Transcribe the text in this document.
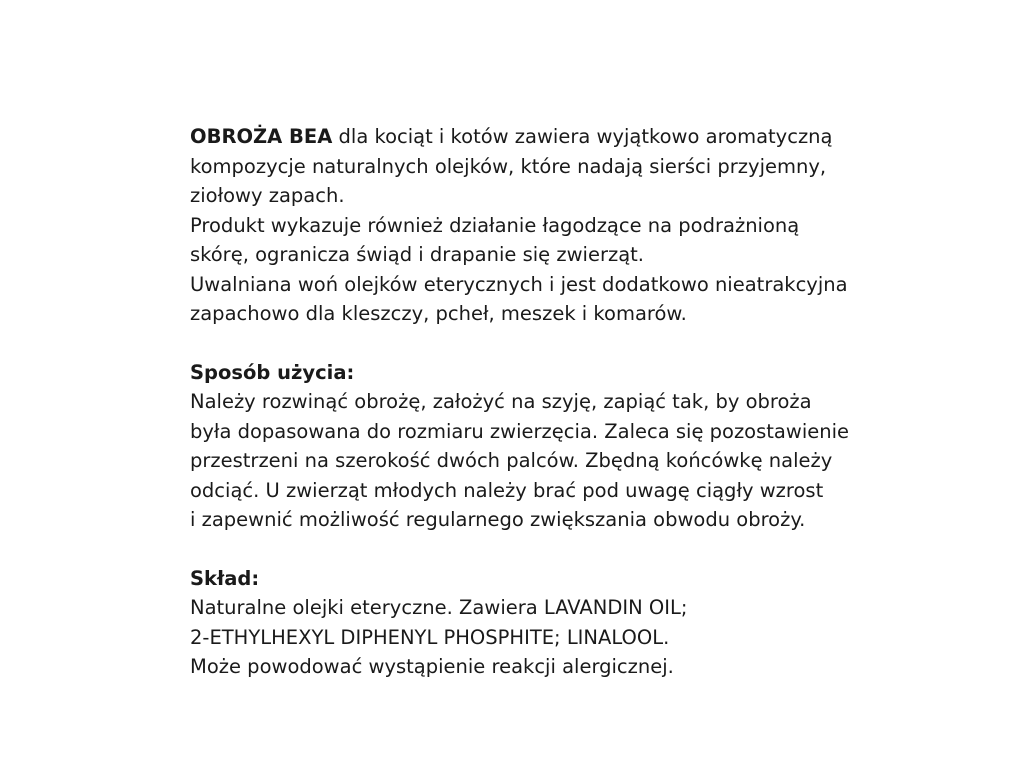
OBROŻA BEA dla kociąt i kotów zawiera wyjątkowo aromatyczną
kompozycje naturalnych olejków, które nadają sierści przyjemny,
ziołowy zapach.
Produkt wykazuje również działanie łagodzące na podrażnioną
skórę, ogranicza świąd i drapanie się zwierząt.
Uwalniana woń olejków eterycznych i jest dodatkowo nieatrakcyjna
zapachowo dla kleszczy, pcheł, meszek i komarów.
Sposób użycia:
Należy rozwinąć obrożę, założyć na szyję, zapiąć tak, by obroża
była dopasowana do rozmiaru zwierzęcia. Zaleca się pozostawienie
przestrzeni na szerokość dwóch palców. Zbędną końcówkę należy
odciąć. U zwierząt młodych należy brać pod uwagę ciągły wzrost
i zapewnić możliwość regularnego zwiększania obwodu obroży.
Skład:
Naturalne olejki eteryczne. Zawiera LAVANDIN OIL;
2-ETHYLHEXYL DIPHENYL PHOSPHITE; LINALOOL.
Może powodować wystąpienie reakcji alergicznej.
